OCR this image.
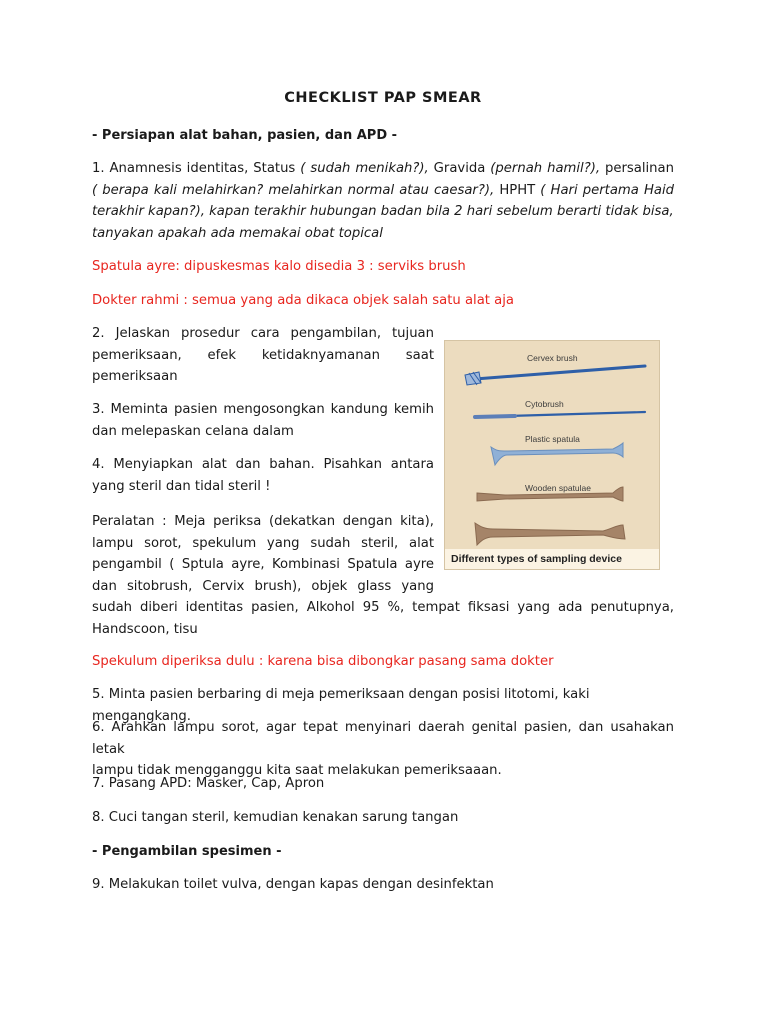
CHECKLIST PAP SMEAR
- Persiapan alat bahan, pasien, dan APD -
1. Anamnesis identitas, Status ( sudah menikah?), Gravida (pernah hamil?), persalinan
( berapa kali melahirkan? melahirkan normal atau caesar?), HPHT ( Hari pertama Haid
terakhir kapan?), kapan terakhir hubungan badan bila 2 hari sebelum berarti tidak bisa,
tanyakan apakah ada memakai obat topical
Spatula ayre: dipuskesmas kalo disedia 3 : serviks brush
Dokter rahmi : semua yang ada dikaca objek salah satu alat aja
2. Jelaskan prosedur cara pengambilan, tujuan
pemeriksaan, efek ketidaknyamanan saat
pemeriksaan
3. Meminta pasien mengosongkan kandung kemih
dan melepaskan celana dalam
4. Menyiapkan alat dan bahan. Pisahkan antara
yang steril dan tidal steril !
Peralatan : Meja periksa (dekatkan dengan kita),
lampu sorot, spekulum yang sudah steril, alat
pengambil ( Sptula ayre, Kombinasi Spatula ayre
dan sitobrush, Cervix brush), objek glass yang
sudah diberi identitas pasien, Alkohol 95 %, tempat fiksasi yang ada penutupnya,
Handscoon, tisu
Spekulum diperiksa dulu : karena bisa dibongkar pasang sama dokter
5. Minta pasien berbaring di meja pemeriksaan dengan posisi litotomi, kaki mengangkang.
6. Arahkan lampu sorot, agar tepat menyinari daerah genital pasien, dan usahakan letak
lampu tidak mengganggu kita saat melakukan pemeriksaaan.
7. Pasang APD: Masker, Cap, Apron
8. Cuci tangan steril, kemudian kenakan sarung tangan
- Pengambilan spesimen -
9. Melakukan toilet vulva, dengan kapas dengan desinfektan
Cervex brush
Cytobrush
Plastic spatula
Wooden spatulae
Different types of sampling device
